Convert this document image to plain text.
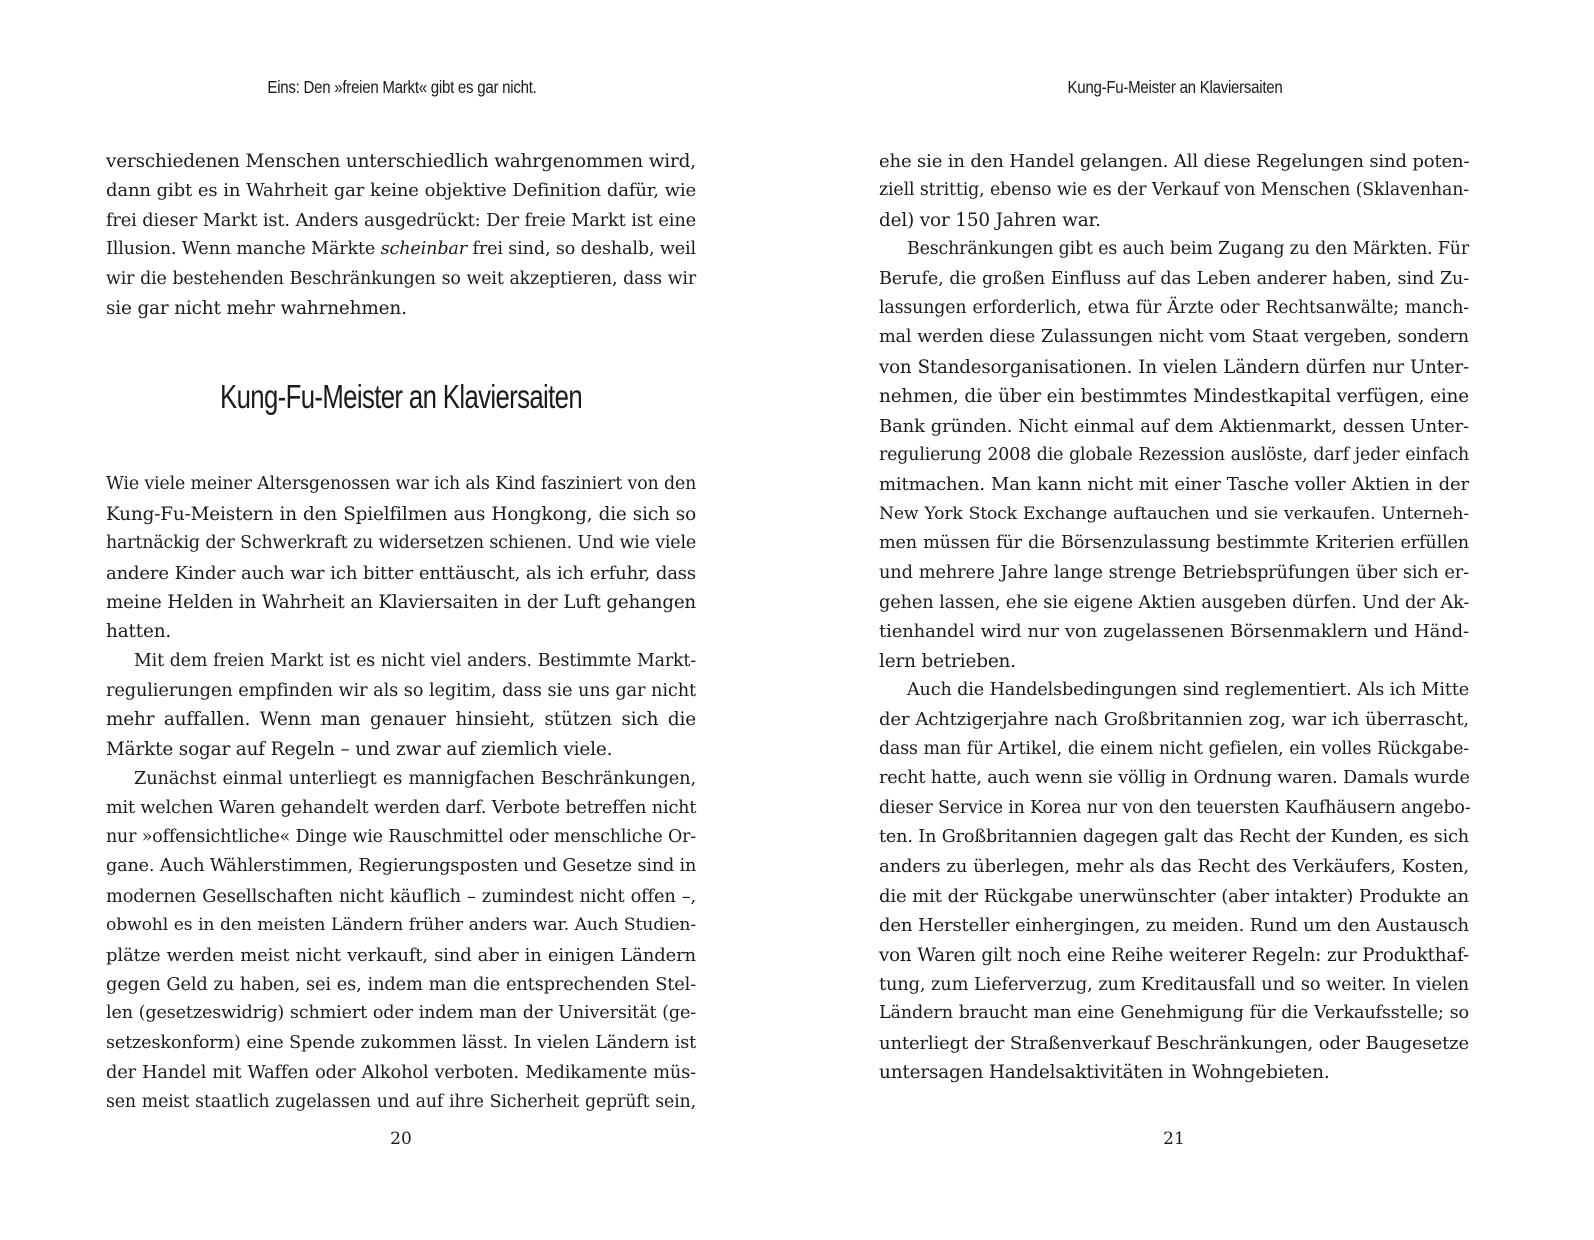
Eins: Den »freien Markt« gibt es gar nicht.
verschiedenen Menschen unterschiedlich wahrgenommen wird,
dann gibt es in Wahrheit gar keine objektive Definition dafür, wie
frei dieser Markt ist. Anders ausgedrückt: Der freie Markt ist eine
Illusion. Wenn manche Märkte scheinbar frei sind, so deshalb, weil
wir die bestehenden Beschränkungen so weit akzeptieren, dass wir
sie gar nicht mehr wahrnehmen.
Kung-Fu-Meister an Klaviersaiten
Wie viele meiner Altersgenossen war ich als Kind fasziniert von den
Kung-Fu-Meistern in den Spielfilmen aus Hongkong, die sich so
hartnäckig der Schwerkraft zu widersetzen schienen. Und wie viele
andere Kinder auch war ich bitter enttäuscht, als ich erfuhr, dass
meine Helden in Wahrheit an Klaviersaiten in der Luft gehangen
hatten.
Mit dem freien Markt ist es nicht viel anders. Bestimmte Markt-
regulierungen empfinden wir als so legitim, dass sie uns gar nicht
mehr auffallen. Wenn man genauer hinsieht, stützen sich die
Märkte sogar auf Regeln – und zwar auf ziemlich viele.
Zunächst einmal unterliegt es mannigfachen Beschränkungen,
mit welchen Waren gehandelt werden darf. Verbote betreffen nicht
nur »offensichtliche« Dinge wie Rauschmittel oder menschliche Or-
gane. Auch Wählerstimmen, Regierungsposten und Gesetze sind in
modernen Gesellschaften nicht käuflich – zumindest nicht offen –,
obwohl es in den meisten Ländern früher anders war. Auch Studien-
plätze werden meist nicht verkauft, sind aber in einigen Ländern
gegen Geld zu haben, sei es, indem man die entsprechenden Stel-
len (gesetzeswidrig) schmiert oder indem man der Universität (ge-
setzeskonform) eine Spende zukommen lässt. In vielen Ländern ist
der Handel mit Waffen oder Alkohol verboten. Medikamente müs-
sen meist staatlich zugelassen und auf ihre Sicherheit geprüft sein,
20
Kung-Fu-Meister an Klaviersaiten
ehe sie in den Handel gelangen. All diese Regelungen sind poten-
ziell strittig, ebenso wie es der Verkauf von Menschen (Sklavenhan-
del) vor 150 Jahren war.
Beschränkungen gibt es auch beim Zugang zu den Märkten. Für
Berufe, die großen Einfluss auf das Leben anderer haben, sind Zu-
lassungen erforderlich, etwa für Ärzte oder Rechtsanwälte; manch-
mal werden diese Zulassungen nicht vom Staat vergeben, sondern
von Standesorganisationen. In vielen Ländern dürfen nur Unter-
nehmen, die über ein bestimmtes Mindestkapital verfügen, eine
Bank gründen. Nicht einmal auf dem Aktienmarkt, dessen Unter-
regulierung 2008 die globale Rezession auslöste, darf jeder einfach
mitmachen. Man kann nicht mit einer Tasche voller Aktien in der
New York Stock Exchange auftauchen und sie verkaufen. Unterneh-
men müssen für die Börsenzulassung bestimmte Kriterien erfüllen
und mehrere Jahre lange strenge Betriebsprüfungen über sich er-
gehen lassen, ehe sie eigene Aktien ausgeben dürfen. Und der Ak-
tienhandel wird nur von zugelassenen Börsenmaklern und Händ-
lern betrieben.
Auch die Handelsbedingungen sind reglementiert. Als ich Mitte
der Achtzigerjahre nach Großbritannien zog, war ich überrascht,
dass man für Artikel, die einem nicht gefielen, ein volles Rückgabe-
recht hatte, auch wenn sie völlig in Ordnung waren. Damals wurde
dieser Service in Korea nur von den teuersten Kaufhäusern angebo-
ten. In Großbritannien dagegen galt das Recht der Kunden, es sich
anders zu überlegen, mehr als das Recht des Verkäufers, Kosten,
die mit der Rückgabe unerwünschter (aber intakter) Produkte an
den Hersteller einhergingen, zu meiden. Rund um den Austausch
von Waren gilt noch eine Reihe weiterer Regeln: zur Produkthaf-
tung, zum Lieferverzug, zum Kreditausfall und so weiter. In vielen
Ländern braucht man eine Genehmigung für die Verkaufsstelle; so
unterliegt der Straßenverkauf Beschränkungen, oder Baugesetze
untersagen Handelsaktivitäten in Wohngebieten.
21
